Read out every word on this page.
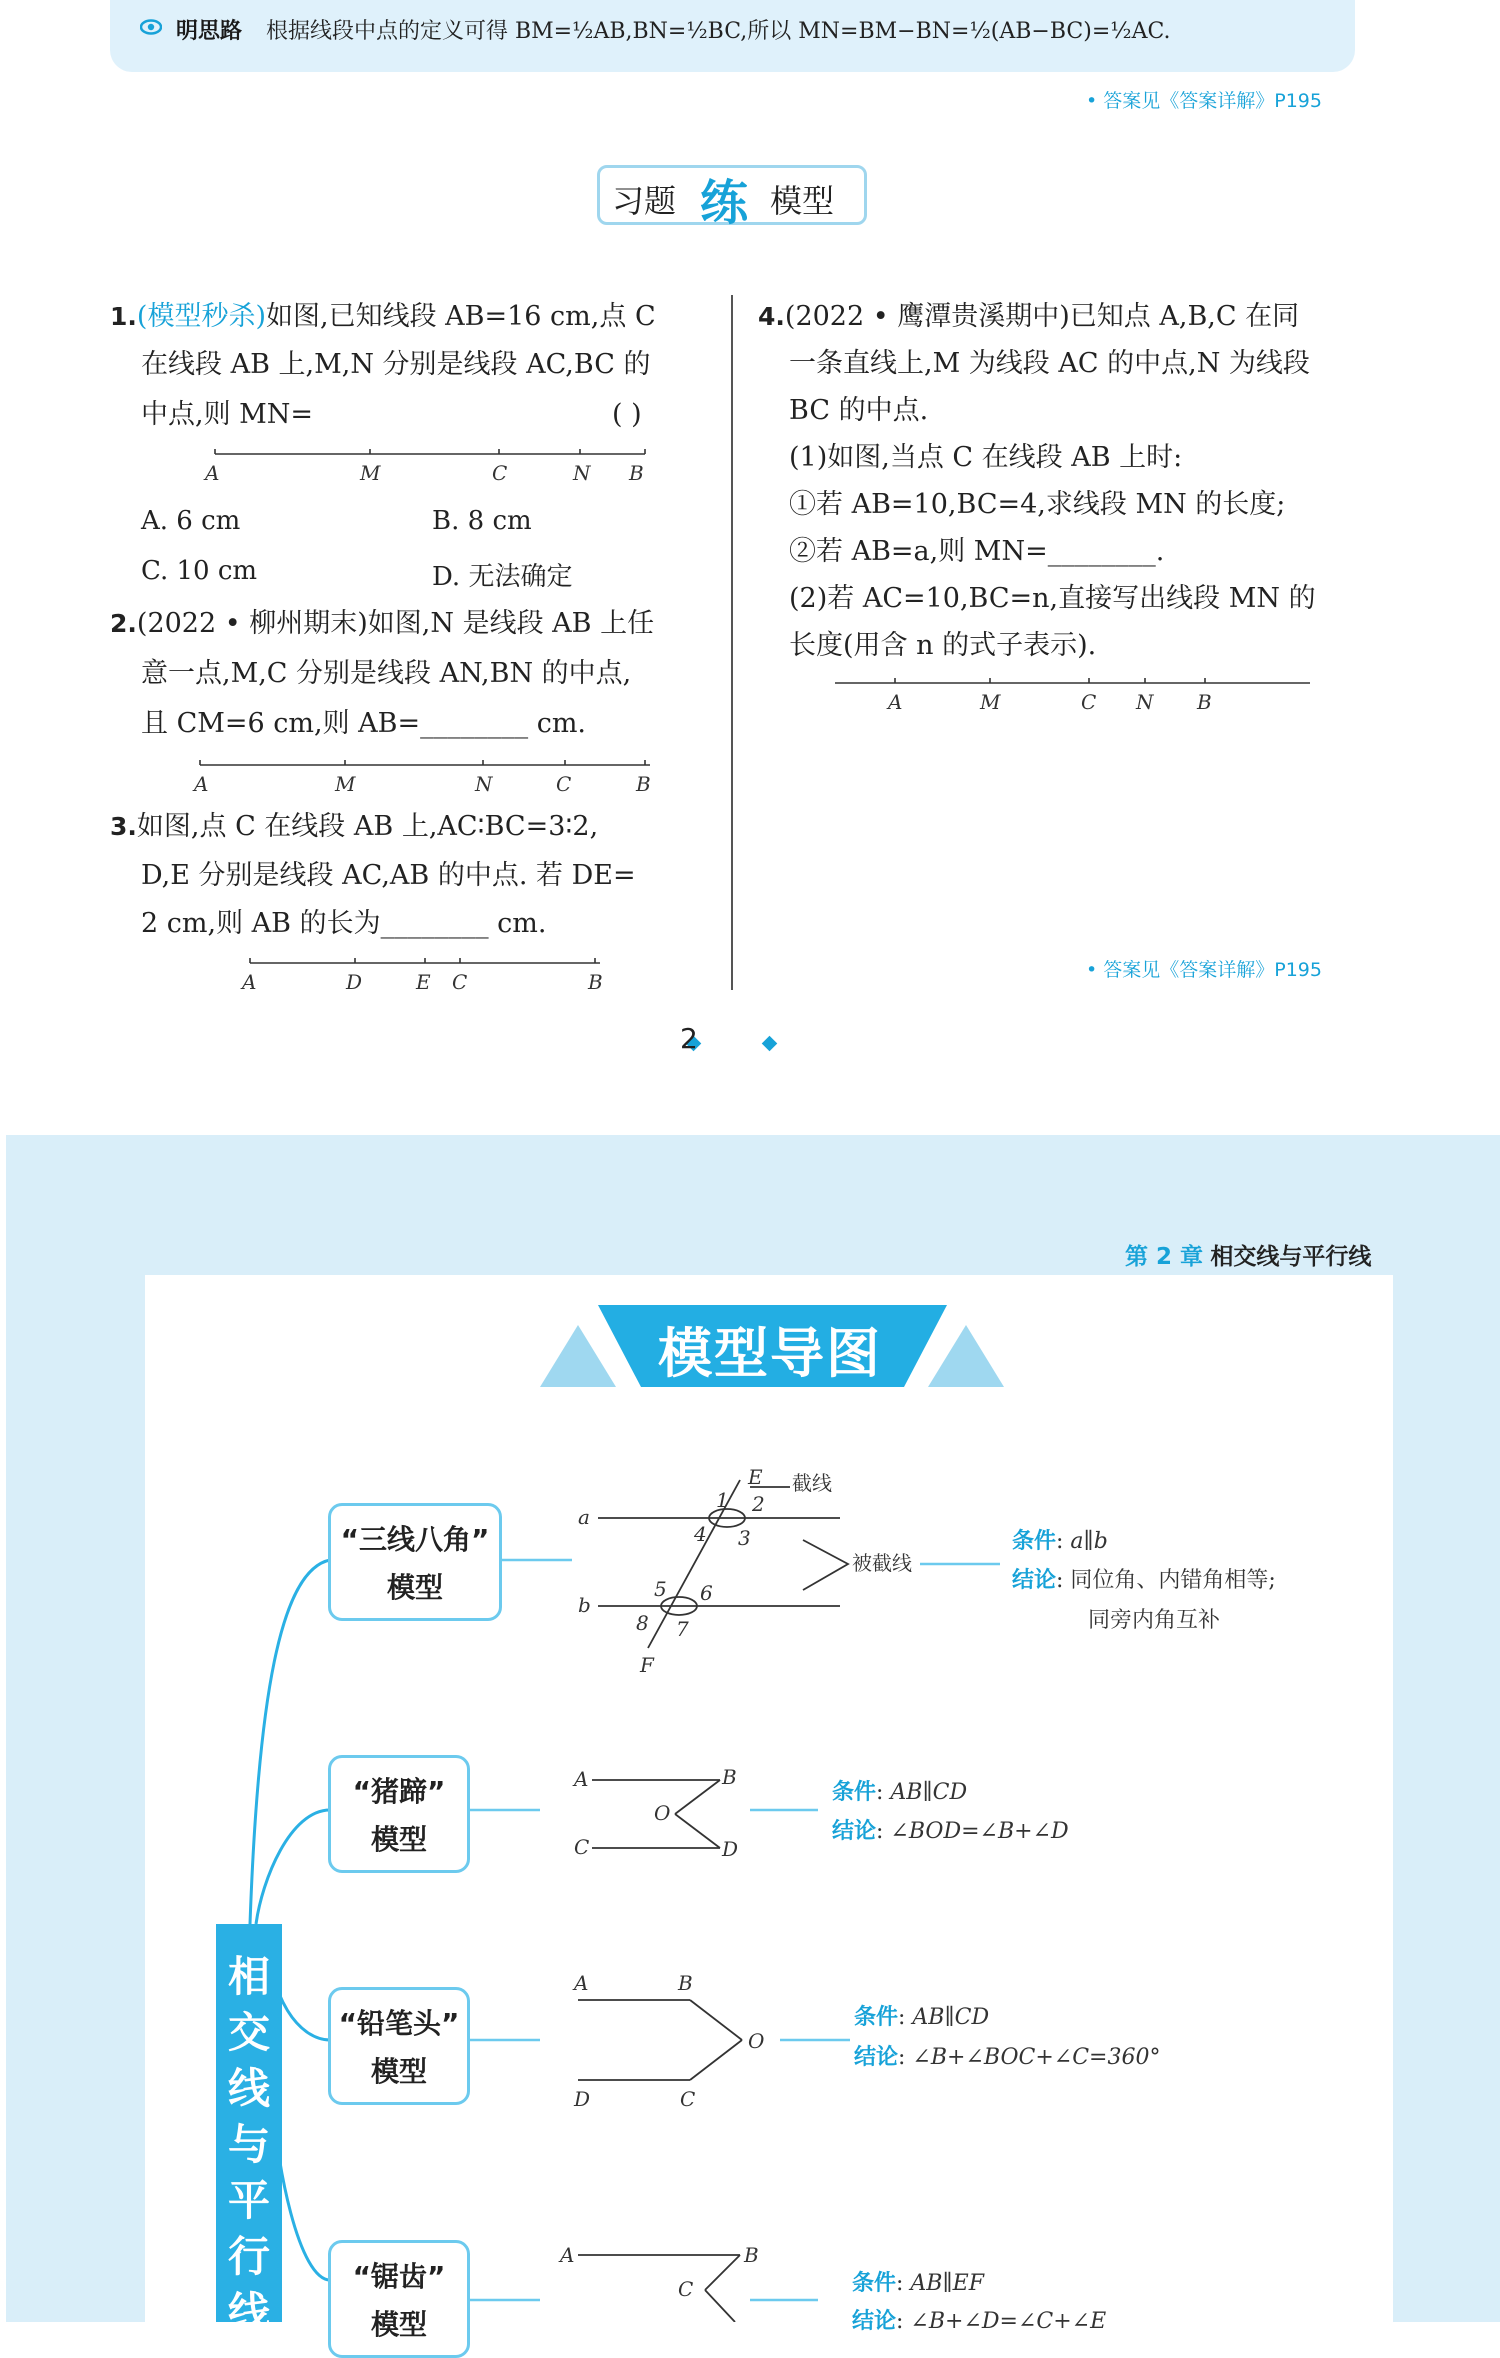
明思路 根据线段中点的定义可得 BM=½AB,BN=½BC,所以 MN=BM−BN=½(AB−BC)=½AC.
• 答案见《答案详解》P195
习题 练 模型
1.(模型秒杀)如图,已知线段 AB=16 cm,点 C
在线段 AB 上,M,N 分别是线段 AC,BC 的
中点,则 MN=	( )
A	M	C	N B
A. 6 cm	B. 8 cm
C. 10 cm	D. 无法确定
2.(2022 • 柳州期末)如图,N 是线段 AB 上任
意一点,M,C 分别是线段 AN,BN 的中点,
且 CM=6 cm,则 AB=________ cm.
A	M	N	C	B
3.如图,点 C 在线段 AB 上,AC∶BC=3∶2,
D,E 分别是线段 AC,AB 的中点. 若 DE=
2 cm,则 AB 的长为________ cm.
A	D	E C	B
4.(2022 • 鹰潭贵溪期中)已知点 A,B,C 在同
一条直线上,M 为线段 AC 的中点,N 为线段
BC 的中点.
(1)如图,当点 C 在线段 AB 上时:
①若 AB=10,BC=4,求线段 MN 的长度;
②若 AB=a,则 MN=________.
(2)若 AC=10,BC=n,直接写出线段 MN 的
长度(用含 n 的式子表示).
A	M	C N B
• 答案见《答案详解》P195
2
第 2 章 相交线与平行线
模型导图
a
b
E
F
1 2
3
4
5 6
7
8
截线
被截线
A	B
C	D
O
A	B
C
D
O
A	B
C
相
交
线
与
平
行
线
“三线八角”
模型
“猪蹄”
模型
“铅笔头”
模型
“锯齿”
模型
条件: a∥b
结论: 同位角、内错角相等;
同旁内角互补
条件: AB∥CD
结论: ∠BOD=∠B+∠D
条件: AB∥CD
结论: ∠B+∠BOC+∠C=360°
条件: AB∥EF
结论: ∠B+∠D=∠C+∠E
